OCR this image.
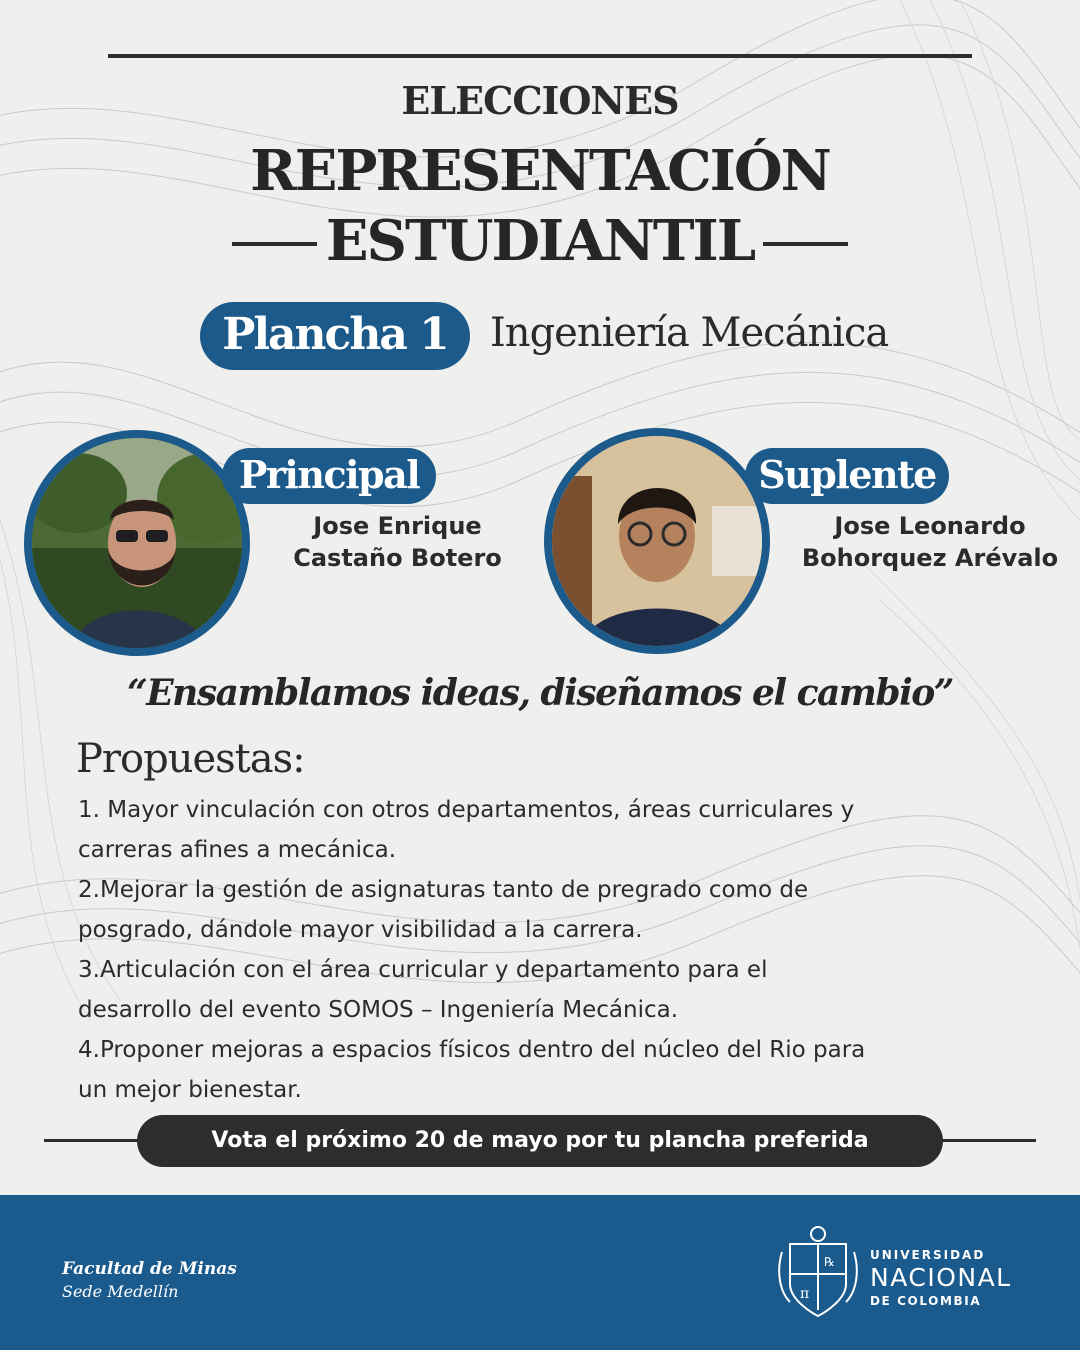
ELECCIONES
REPRESENTACIÓN
ESTUDIANTIL
Plancha 1	Ingeniería Mecánica
Principal
Jose Enrique
Castaño Botero
Suplente
Jose Leonardo
Bohorquez Arévalo
“Ensamblamos ideas, diseñamos el cambio”
Propuestas:
1. Mayor vinculación con otros departamentos, áreas curriculares y
carreras afines a mecánica.
2.Mejorar la gestión de asignaturas tanto de pregrado como de
posgrado, dándole mayor visibilidad a la carrera.
3.Articulación con el área curricular y departamento para el
desarrollo del evento SOMOS – Ingeniería Mecánica.
4.Proponer mejoras a espacios físicos dentro del núcleo del Rio para
un mejor bienestar.
Vota el próximo 20 de mayo por tu plancha preferida
Facultad de Minas
Sede Medellín	π
℞	UNIVERSIDAD
NACIONAL
DE COLOMBIA
